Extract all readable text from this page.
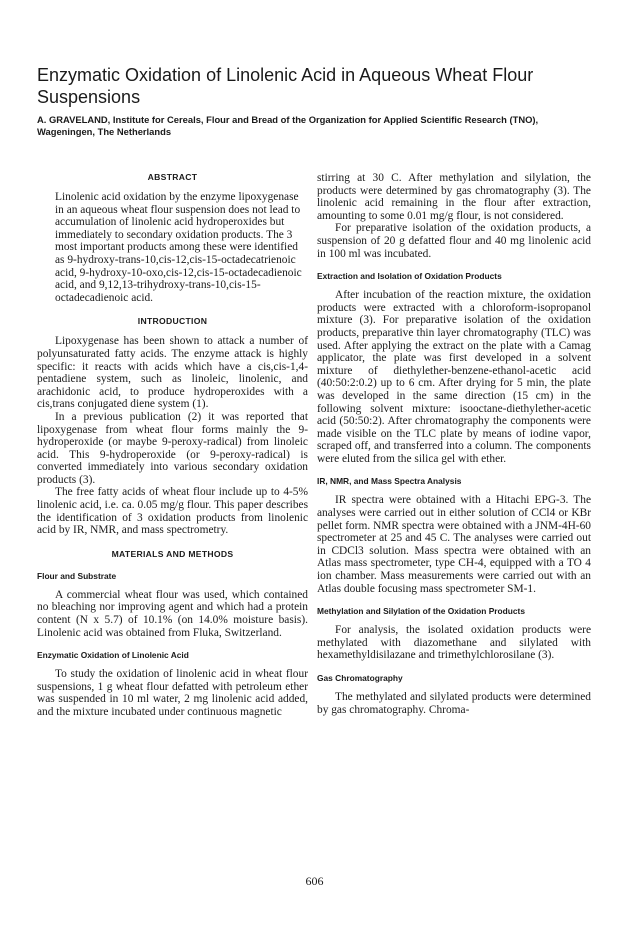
Enzymatic Oxidation of Linolenic Acid in Aqueous Wheat Flour Suspensions
A. GRAVELAND, Institute for Cereals, Flour and Bread of the Organization for Applied Scientific Research (TNO), Wageningen, The Netherlands
ABSTRACT

Linolenic acid oxidation by the enzyme lipoxygenase in an aqueous wheat flour suspension does not lead to accumulation of linolenic acid hydroperoxides but immediately to secondary oxidation products. The 3 most important products among these were identified as 9-hydroxy-trans-10,cis-12,cis-15-octadecatrienoic acid, 9-hydroxy-10-oxo,cis-12,cis-15-octadecadienoic acid, and 9,12,13-trihydroxy-trans-10,cis-15-octadecadienoic acid.

INTRODUCTION

Lipoxygenase has been shown to attack a number of polyunsaturated fatty acids. The enzyme attack is highly specific: it reacts with acids which have a cis,cis-1,4-pentadiene system, such as linoleic, linolenic, and arachidonic acid, to produce hydroperoxides with a cis,trans conjugated diene system (1).

In a previous publication (2) it was reported that lipoxygenase from wheat flour forms mainly the 9-hydroperoxide (or maybe 9-peroxy-radical) from linoleic acid. This 9-hydroperoxide (or 9-peroxy-radical) is converted immediately into various secondary oxidation products (3).

The free fatty acids of wheat flour include up to 4-5% linolenic acid, i.e. ca. 0.05 mg/g flour. This paper describes the identification of 3 oxidation products from linolenic acid by IR, NMR, and mass spectrometry.

MATERIALS AND METHODS
Flour and Substrate

A commercial wheat flour was used, which contained no bleaching nor improving agent and which had a protein content (N x 5.7) of 10.1% (on 14.0% moisture basis). Linolenic acid was obtained from Fluka, Switzerland.

Enzymatic Oxidation of Linolenic Acid

To study the oxidation of linolenic acid in wheat flour suspensions, 1 g wheat flour defatted with petroleum ether was suspended in 10 ml water, 2 mg linolenic acid added, and the mixture incubated under continuous magnetic

stirring at 30 C. After methylation and silylation, the products were determined by gas chromatography (3). The linolenic acid remaining in the flour after extraction, amounting to some 0.01 mg/g flour, is not considered.

For preparative isolation of the oxidation products, a suspension of 20 g defatted flour and 40 mg linolenic acid in 100 ml was incubated.

Extraction and Isolation of Oxidation Products

After incubation of the reaction mixture, the oxidation products were extracted with a chloroform-isopropanol mixture (3). For preparative isolation of the oxidation products, preparative thin layer chromatography (TLC) was used. After applying the extract on the plate with a Camag applicator, the plate was first developed in a solvent mixture of diethylether-benzene-ethanol-acetic acid (40:50:2:0.2) up to 6 cm. After drying for 5 min, the plate was developed in the same direction (15 cm) in the following solvent mixture: isooctane-diethylether-acetic acid (50:50:2). After chromatography the components were made visible on the TLC plate by means of iodine vapor, scraped off, and transferred into a column. The components were eluted from the silica gel with ether.

IR, NMR, and Mass Spectra Analysis

IR spectra were obtained with a Hitachi EPG-3. The analyses were carried out in either solution of CCl4 or KBr pellet form. NMR spectra were obtained with a JNM-4H-60 spectrometer at 25 and 45 C. The analyses were carried out in CDCl3 solution. Mass spectra were obtained with an Atlas mass spectrometer, type CH-4, equipped with a TO 4 ion chamber. Mass measurements were carried out with an Atlas double focusing mass spectrometer SM-1.

Methylation and Silylation of the Oxidation Products

For analysis, the isolated oxidation products were methylated with diazomethane and silylated with hexamethyldisilazane and trimethylchlorosilane (3).

Gas Chromatography

The methylated and silylated products were determined by gas chromatography. Chroma-

606
